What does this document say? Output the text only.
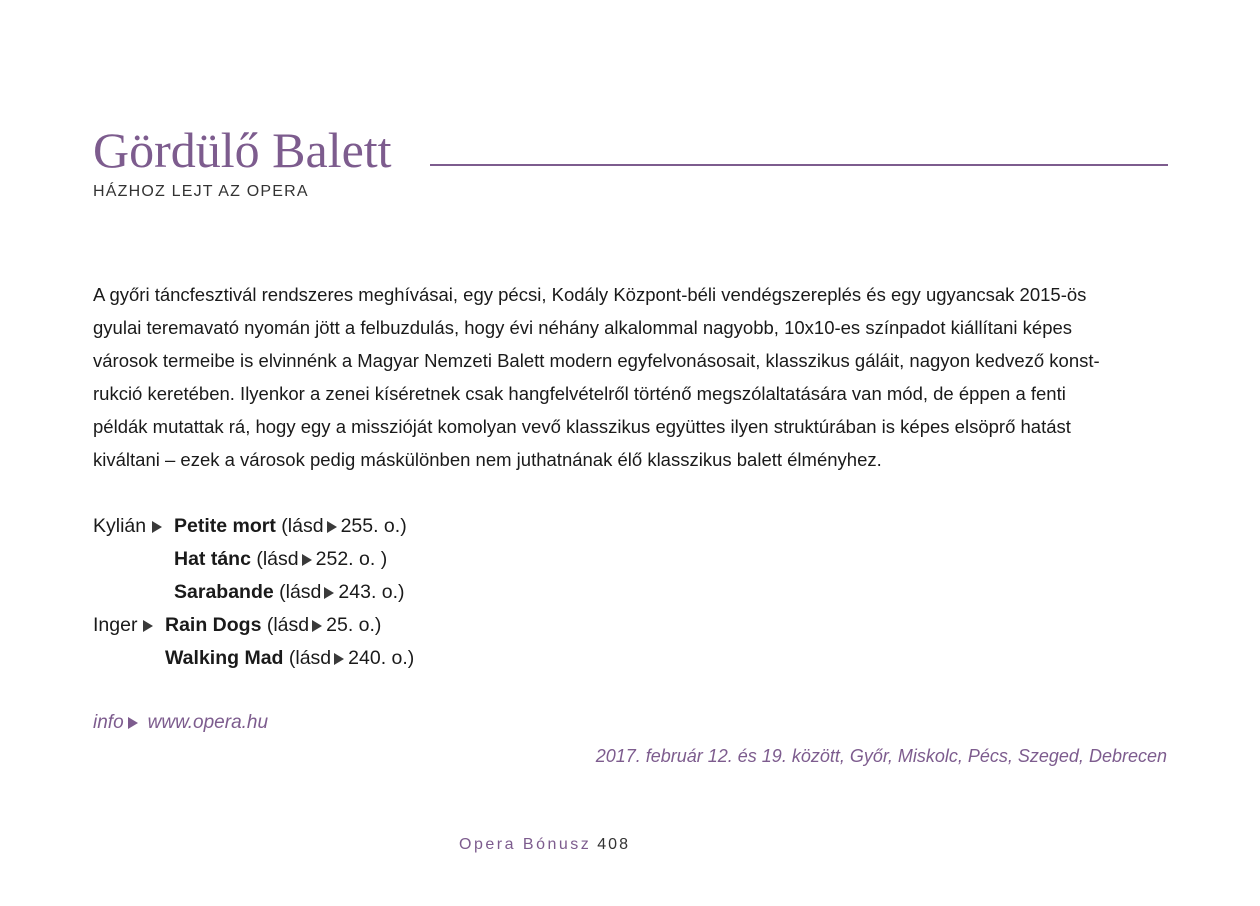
Gördülő Balett
HÁZHOZ LEJT AZ OPERA

A győri táncfesztivál rendszeres meghívásai, egy pécsi, Kodály Központ-béli vendégszereplés és egy ugyancsak 2015-ös
gyulai teremavató nyomán jött a felbuzdulás, hogy évi néhány alkalommal nagyobb, 10x10-es színpadot kiállítani képes
városok termeibe is elvinnénk a Magyar Nemzeti Balett modern egyfelvonásosait, klasszikus gáláit, nagyon kedvező konst-
rukció keretében. Ilyenkor a zenei kíséretnek csak hangfelvételről történő megszólaltatására van mód, de éppen a fenti
példák mutattak rá, hogy egy a misszióját komolyan vevő klasszikus együttes ilyen struktúrában is képes elsöprő hatást
kiváltani – ezek a városok pedig máskülönben nem juthatnának élő klasszikus balett élményhez.

Kylián	Petite mort (lásd 255. o.)
Hat tánc (lásd 252. o. )
Sarabande (lásd 243. o.)
Inger	Rain Dogs (lásd 25. o.)
Walking Mad (lásd 240. o.)
info www.opera.hu
2017. február 12. és 19. között, Győr, Miskolc, Pécs, Szeged, Debrecen
Opera Bónusz 408
